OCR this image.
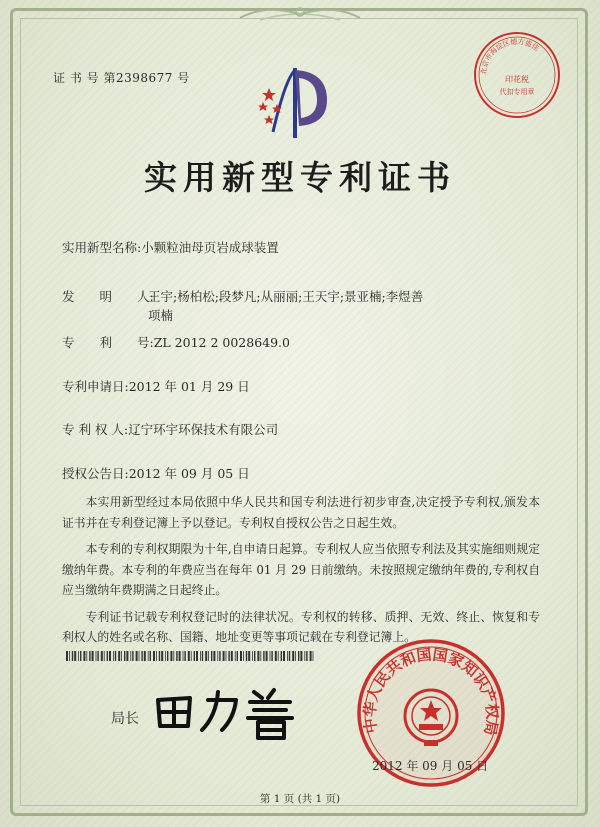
证 书 号 第2398677 号	北京市海淀区德方盛佳
印花税
代扣专用章
实用新型专利证书
实用新型名称:小颗粒油母页岩成球装置
发　　明　　人:
王宇;杨柏松;段梦凡;从丽丽;王天宇;景亚楠;李煜善
项楠
专　　利　　号:ZL 2012 2 0028649.0
专利申请日:2012 年 01 月 29 日
专 利 权 人:辽宁环宇环保技术有限公司
授权公告日:2012 年 09 月 05 日

本实用新型经过本局依照中华人民共和国专利法进行初步审查,决定授予专利权,颁发本证书并在专利登记簿上予以登记。专利权自授权公告之日起生效。

本专利的专利权期限为十年,自申请日起算。专利权人应当依照专利法及其实施细则规定缴纳年费。本专利的年费应当在每年 01 月 29 日前缴纳。未按照规定缴纳年费的,专利权自应当缴纳年费期满之日起终止。

专利证书记载专利权登记时的法律状况。专利权的转移、质押、无效、终止、恢复和专利权人的姓名或名称、国籍、地址变更等事项记载在专利登记簿上。

局长	中华人民共和国国家知识产权局
2012 年 09 月 05 日
第 1 页 (共 1 页)
